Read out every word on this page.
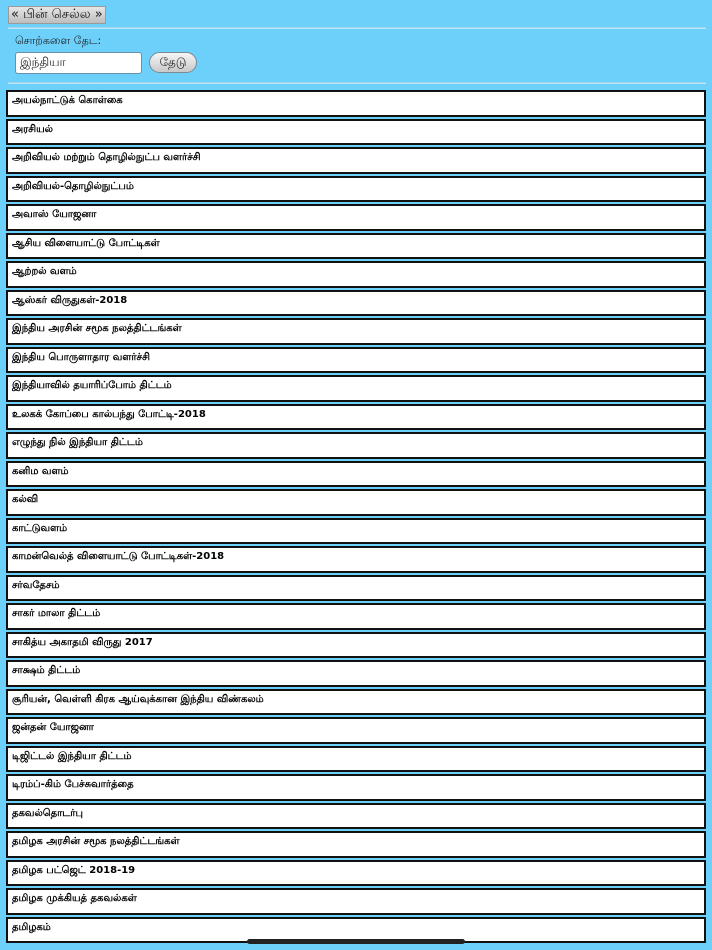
« பின் செல்ல »
சொற்களை தேட:
இந்தியா
தேடு
அயல்நாட்டுக் கொள்கை
அரசியல்
அறிவியல் மற்றும் தொழில்நுட்ப வளர்ச்சி
அறிவியல்-தொழில்நுட்பம்
அவாஸ் யோஜனா
ஆசிய விளையாட்டு போட்டிகள்
ஆற்றல் வளம்
ஆஸ்கர் விருதுகள்-2018
இந்திய அரசின் சமூக நலத்திட்டங்கள்
இந்திய பொருளாதார வளர்ச்சி
இந்தியாவில் தயாரிப்போம் திட்டம்
உலகக் கோப்பை கால்பந்து போட்டி-2018
எழுந்து நில் இந்தியா திட்டம்
கனிம வளம்
கல்வி
காட்டுவளம்
காமன்வெல்த் விளையாட்டு போட்டிகள்-2018
சர்வதேசம்
சாகர் மாலா திட்டம்
சாகித்ய அகாதமி விருது 2017
சாக்ஷம் திட்டம்
சூரியன், வெள்ளி கிரக ஆய்வுக்கான இந்திய விண்கலம்
ஜன்தன் யோஜனா
டிஜிட்டல் இந்தியா திட்டம்
டிரம்ப்-கிம் பேச்சுவார்த்தை
தகவல்தொடர்பு
தமிழக அரசின் சமூக நலத்திட்டங்கள்
தமிழக பட்ஜெட் 2018-19
தமிழக முக்கியத் தகவல்கள்
தமிழகம்
